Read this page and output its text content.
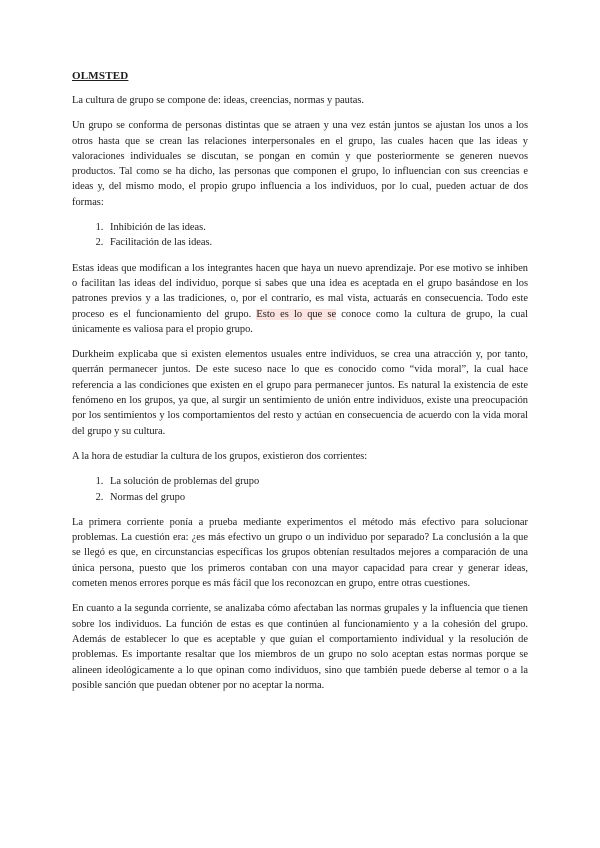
OLMSTED

La cultura de grupo se compone de: ideas, creencias, normas y pautas.

Un grupo se conforma de personas distintas que se atraen y una vez están juntos se ajustan los unos a los otros hasta que se crean las relaciones interpersonales en el grupo, las cuales hacen que las ideas y valoraciones individuales se discutan, se pongan en común y que posteriormente se generen nuevos productos. Tal como se ha dicho, las personas que componen el grupo, lo influencian con sus creencias e ideas y, del mismo modo, el propio grupo influencia a los individuos, por lo cual, pueden actuar de dos formas:

1. Inhibición de las ideas.
2. Facilitación de las ideas.

Estas ideas que modifican a los integrantes hacen que haya un nuevo aprendizaje. Por ese motivo se inhiben o facilitan las ideas del individuo, porque si sabes que una idea es aceptada en el grupo basándose en los patrones previos y a las tradiciones, o, por el contrario, es mal vista, actuarás en consecuencia. Todo este proceso es el funcionamiento del grupo. Esto es lo que se conoce como la cultura de grupo, la cual únicamente es valiosa para el propio grupo.

Durkheim explicaba que si existen elementos usuales entre individuos, se crea una atracción y, por tanto, querrán permanecer juntos. De este suceso nace lo que es conocido como “vida moral”, la cual hace referencia a las condiciones que existen en el grupo para permanecer juntos. Es natural la existencia de este fenómeno en los grupos, ya que, al surgir un sentimiento de unión entre individuos, existe una preocupación por los sentimientos y los comportamientos del resto y actúan en consecuencia de acuerdo con la vida moral del grupo y su cultura.

A la hora de estudiar la cultura de los grupos, existieron dos corrientes:

1. La solución de problemas del grupo
2. Normas del grupo

La primera corriente ponía a prueba mediante experimentos el método más efectivo para solucionar problemas. La cuestión era: ¿es más efectivo un grupo o un individuo por separado? La conclusión a la que se llegó es que, en circunstancias específicas los grupos obtenían resultados mejores a comparación de una única persona, puesto que los primeros contaban con una mayor capacidad para crear y generar ideas, cometen menos errores porque es más fácil que los reconozcan en grupo, entre otras cuestiones.

En cuanto a la segunda corriente, se analizaba cómo afectaban las normas grupales y la influencia que tienen sobre los individuos. La función de estas es que continúen al funcionamiento y a la cohesión del grupo. Además de establecer lo que es aceptable y que guían el comportamiento individual y la resolución de problemas. Es importante resaltar que los miembros de un grupo no solo aceptan estas normas porque se alineen ideológicamente a lo que opinan como individuos, sino que también puede deberse al temor o a la posible sanción que puedan obtener por no aceptar la norma.
